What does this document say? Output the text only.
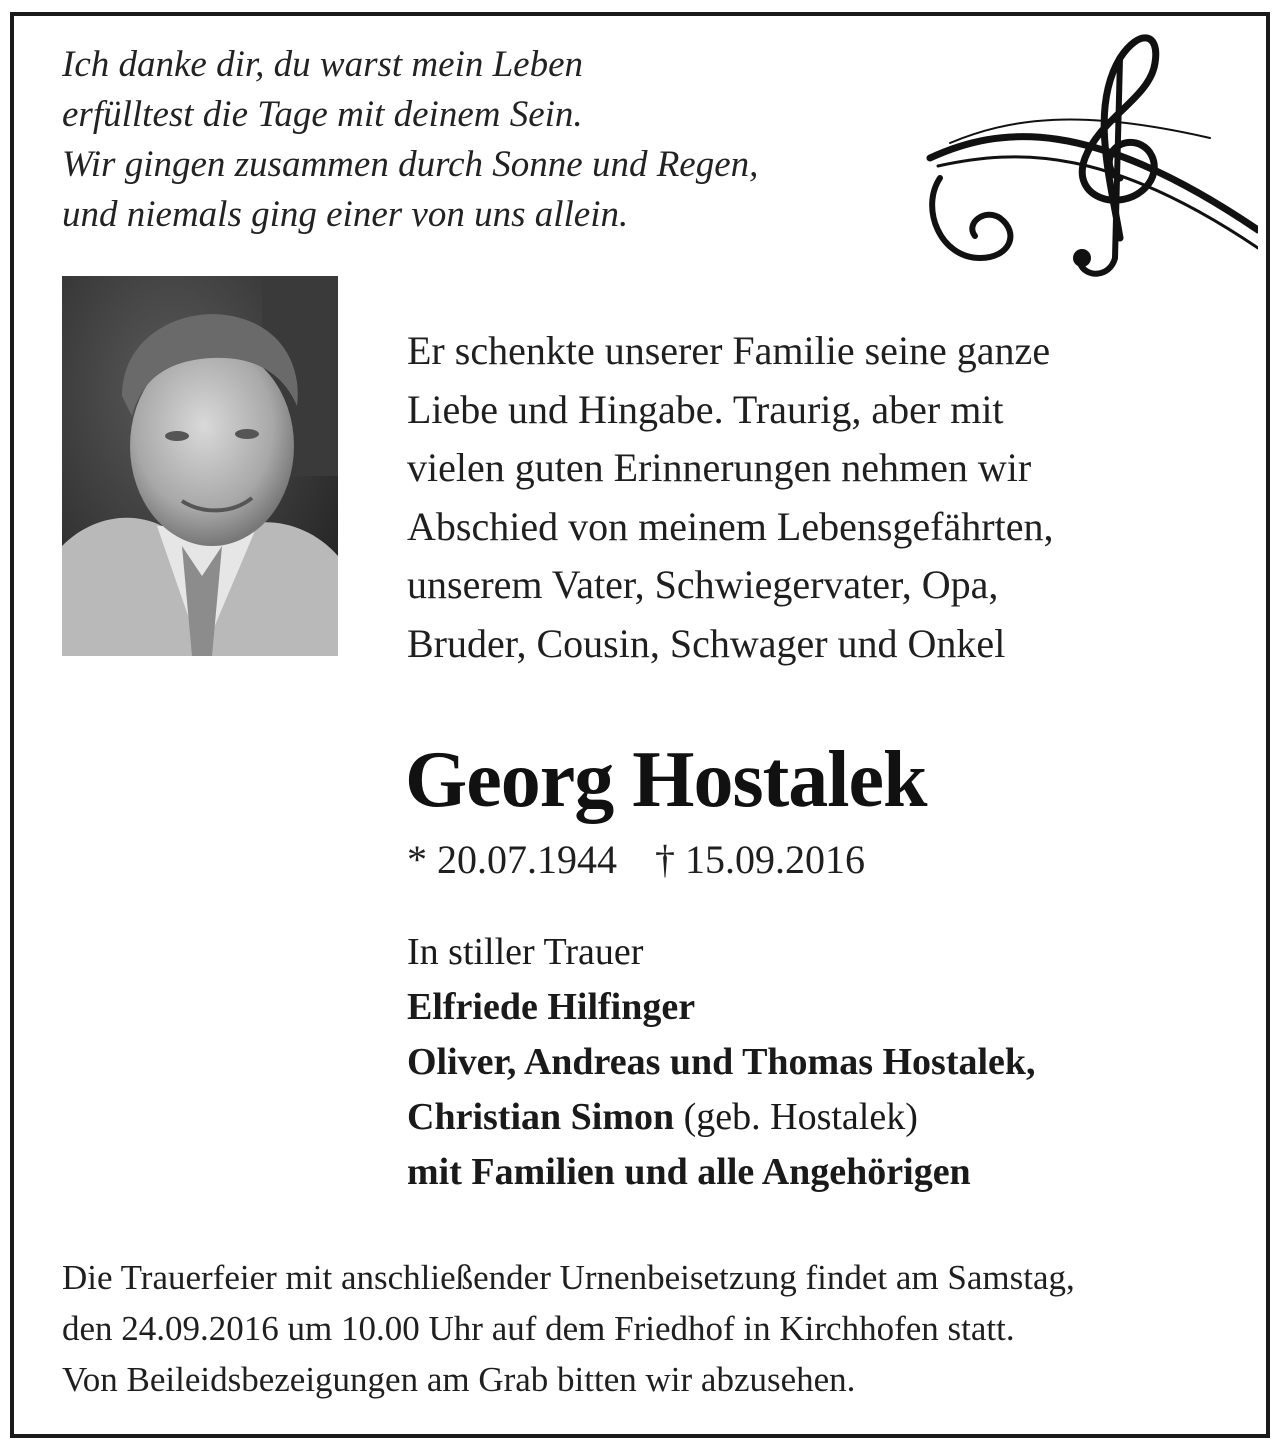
Ich danke dir, du warst mein Leben
erfülltest die Tage mit deinem Sein.
Wir gingen zusammen durch Sonne und Regen,
und niemals ging einer von uns allein.
Er schenkte unserer Familie seine ganze
Liebe und Hingabe. Traurig, aber mit
vielen guten Erinnerungen nehmen wir
Abschied von meinem Lebensgefährten,
unserem Vater, Schwiegervater, Opa,
Bruder, Cousin, Schwager und Onkel
Georg Hostalek
* 20.07.1944 † 15.09.2016
In stiller Trauer
Elfriede Hilfinger
Oliver, Andreas und Thomas Hostalek,
Christian Simon (geb. Hostalek)
mit Familien und alle Angehörigen
Die Trauerfeier mit anschließender Urnenbeisetzung findet am Samstag,
den 24.09.2016 um 10.00 Uhr auf dem Friedhof in Kirchhofen statt.
Von Beileidsbezeigungen am Grab bitten wir abzusehen.
